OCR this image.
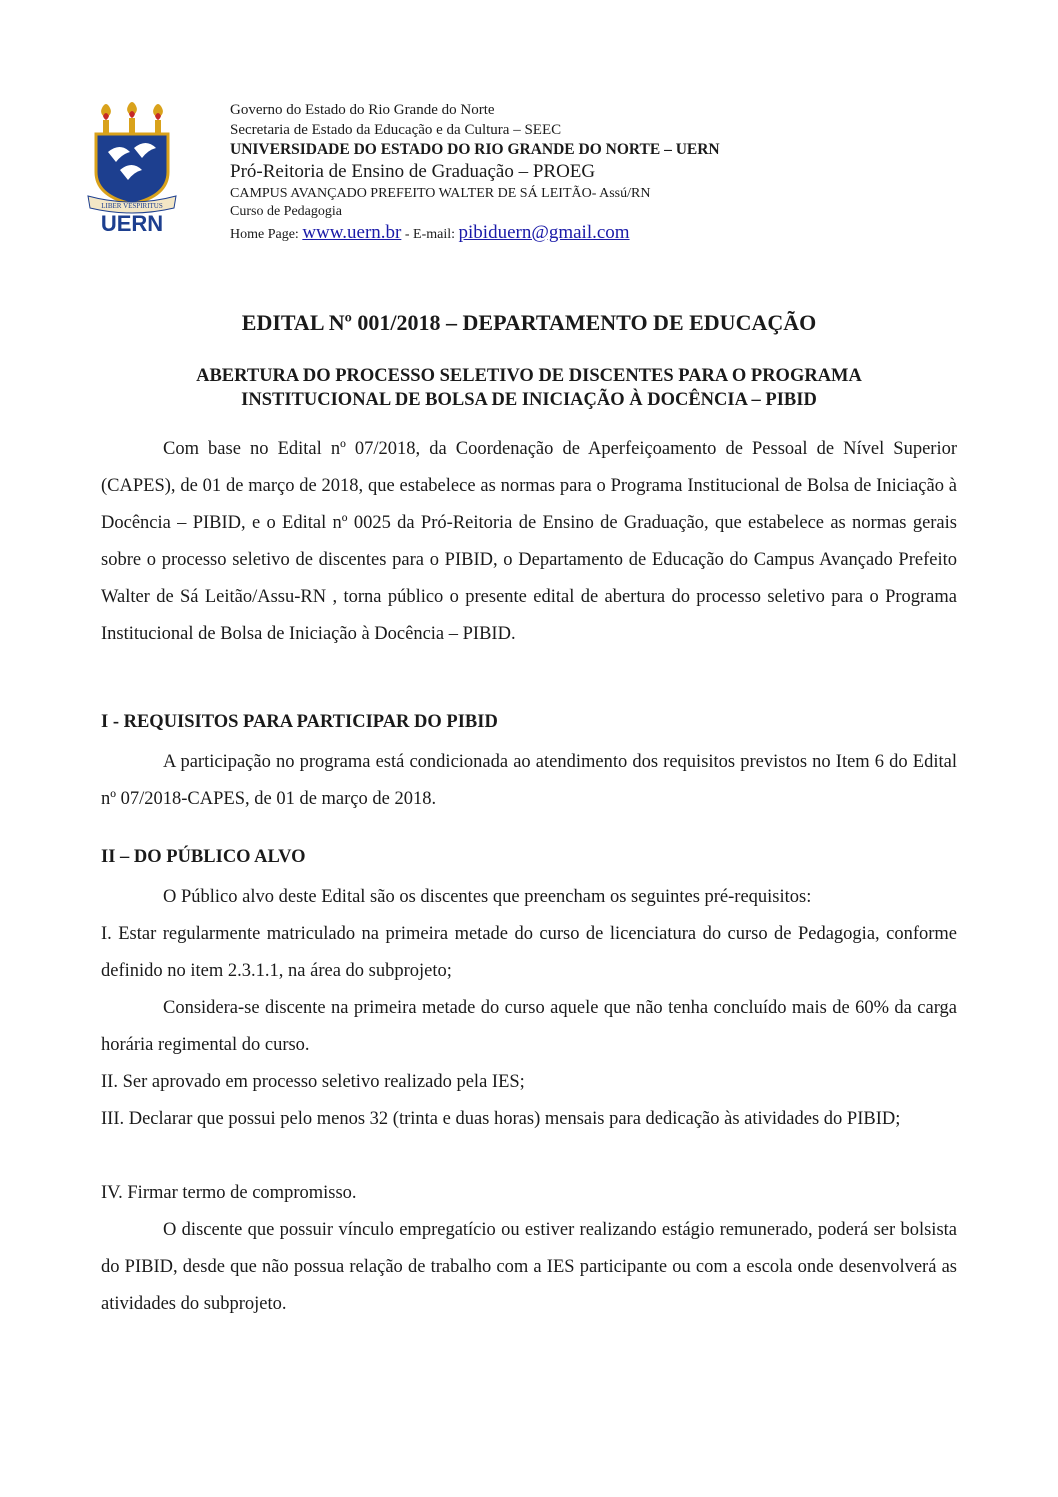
LIBER VESPIRITUS
UERN
Governo do Estado do Rio Grande do Norte
Secretaria de Estado da Educação e da Cultura – SEEC
UNIVERSIDADE DO ESTADO DO RIO GRANDE DO NORTE – UERN
Pró-Reitoria de Ensino de Graduação – PROEG
CAMPUS AVANÇADO PREFEITO WALTER DE SÁ LEITÃO- Assú/RN
Curso de Pedagogia
Home Page: www.uern.br - E-mail: pibiduern@gmail.com
EDITAL Nº 001/2018 – DEPARTAMENTO DE EDUCAÇÃO
ABERTURA DO PROCESSO SELETIVO DE DISCENTES PARA O PROGRAMA
INSTITUCIONAL DE BOLSA DE INICIAÇÃO À DOCÊNCIA – PIBID

Com base no Edital nº 07/2018, da Coordenação de Aperfeiçoamento de Pessoal de Nível Superior (CAPES), de 01 de março de 2018, que estabelece as normas para o Programa Institucional de Bolsa de Iniciação à Docência – PIBID, e o Edital nº 0025 da Pró-Reitoria de Ensino de Graduação, que estabelece as normas gerais sobre o processo seletivo de discentes para o PIBID, o Departamento de Educação do Campus Avançado Prefeito Walter de Sá Leitão/Assu-RN , torna público o presente edital de abertura do processo seletivo para o Programa Institucional de Bolsa de Iniciação à Docência – PIBID.

I - REQUISITOS PARA PARTICIPAR DO PIBID

A participação no programa está condicionada ao atendimento dos requisitos previstos no Item 6 do Edital nº 07/2018-CAPES, de 01 de março de 2018.

II – DO PÚBLICO ALVO

O Público alvo deste Edital são os discentes que preencham os seguintes pré-requisitos:

I. Estar regularmente matriculado na primeira metade do curso de licenciatura do curso de Pedagogia, conforme definido no item 2.3.1.1, na área do subprojeto;

Considera-se discente na primeira metade do curso aquele que não tenha concluído mais de 60% da carga horária regimental do curso.

II. Ser aprovado em processo seletivo realizado pela IES;

III. Declarar que possui pelo menos 32 (trinta e duas horas) mensais para dedicação às atividades do PIBID;

IV. Firmar termo de compromisso.

O discente que possuir vínculo empregatício ou estiver realizando estágio remunerado, poderá ser bolsista do PIBID, desde que não possua relação de trabalho com a IES participante ou com a escola onde desenvolverá as atividades do subprojeto.
